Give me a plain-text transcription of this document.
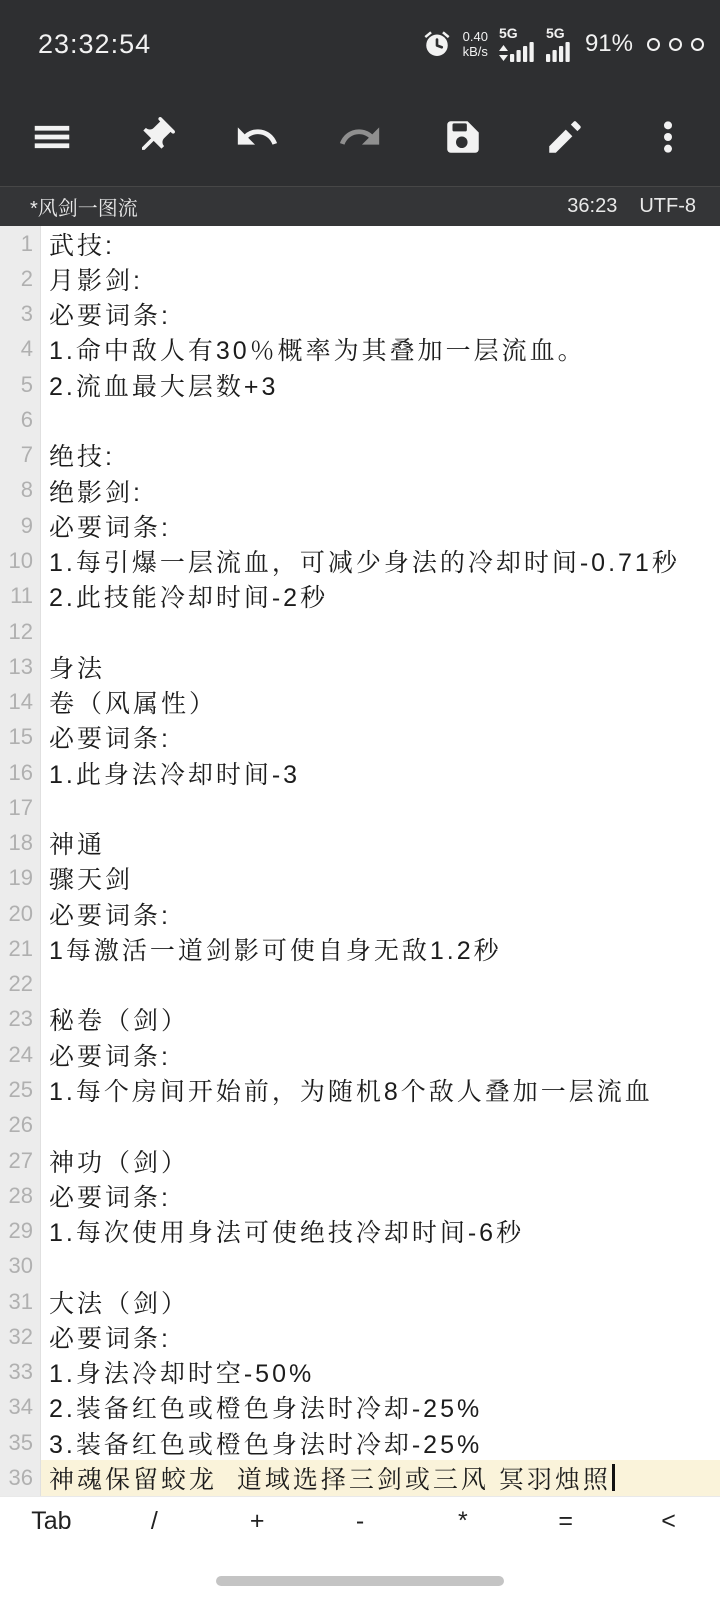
23:32:54	0.40
kB/s
5G 5G 91%
*风剑一图流	36:23 UTF-8
1 武技:
2 月影剑:
3 必要词条:
4 1.命中敌人有30％概率为其叠加一层流血。
5 2.流血最大层数+3
6
7 绝技:
8 绝影剑:
9 必要词条:
10 1.每引爆一层流血，可减少身法的冷却时间-0.71秒
11 2.此技能冷却时间-2秒
12
13 身法
14 卷（风属性）
15 必要词条:
16 1.此身法冷却时间-3
17
18 神通
19 骤天剑
20 必要词条:
21 1每激活一道剑影可使自身无敌1.2秒
22
23 秘卷（剑）
24 必要词条:
25 1.每个房间开始前，为随机8个敌人叠加一层流血
26
27 神功（剑）
28 必要词条:
29 1.每次使用身法可使绝技冷却时间-6秒
30
31 大法（剑）
32 必要词条:
33 1.身法冷却时空-50%
34 2.装备红色或橙色身法时冷却-25%
35 3.装备红色或橙色身法时冷却-25%
36 神魂保留蛟龙  道域选择三剑或三风 冥羽烛照
Tab	/	+	-	*	=	<
